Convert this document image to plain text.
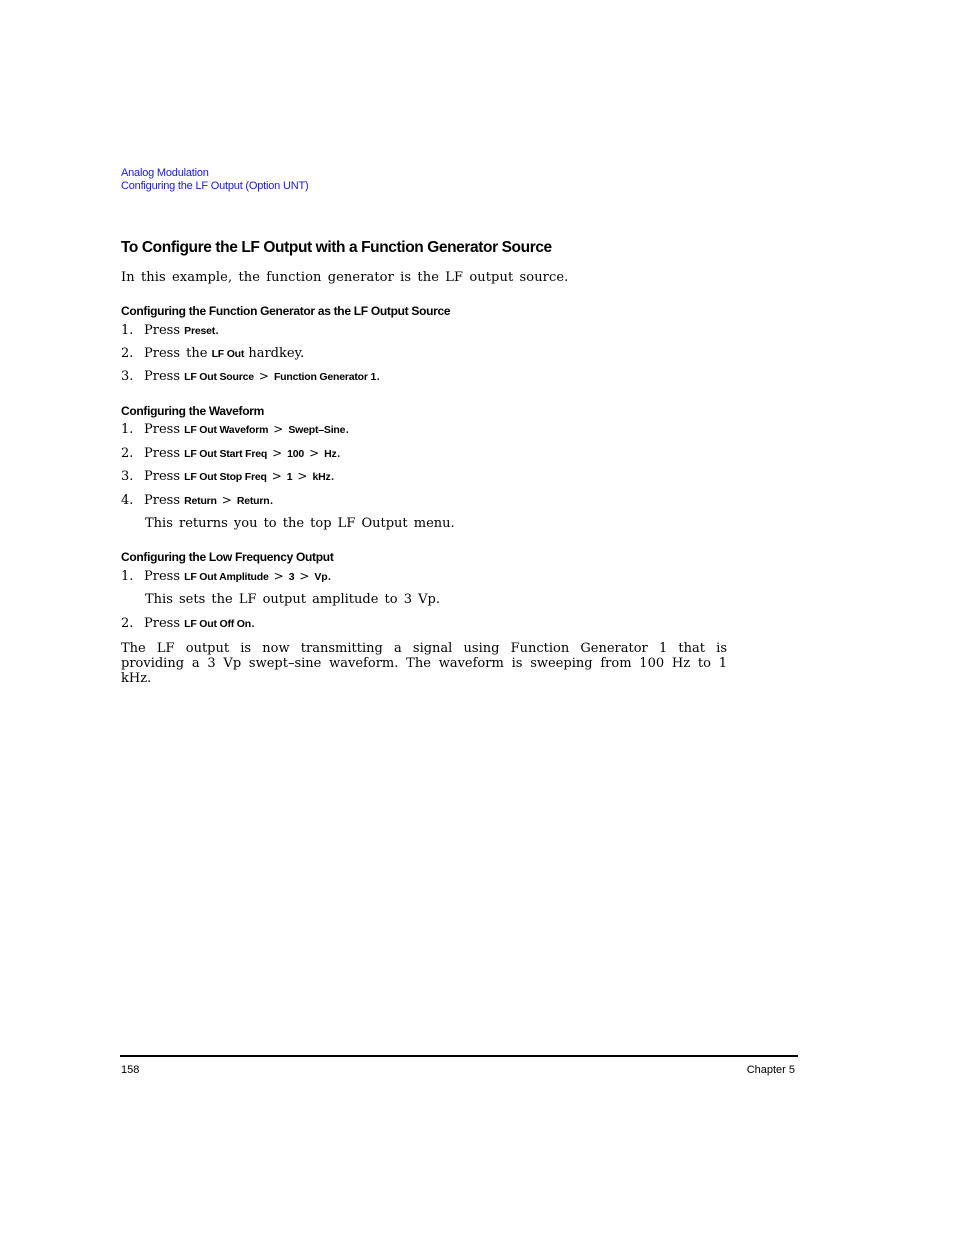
Analog Modulation
Configuring the LF Output (Option UNT)
To Configure the LF Output with a Function Generator Source
In this example, the function generator is the LF output source.
Configuring the Function Generator as the LF Output Source
1. Press Preset.
2. Press the LF Out hardkey.
3. Press LF Out Source > Function Generator 1.
Configuring the Waveform
1. Press LF Out Waveform > Swept–Sine.
2. Press LF Out Start Freq > 100 > Hz.
3. Press LF Out Stop Freq > 1 > kHz.
4. Press Return > Return.
This returns you to the top LF Output menu.
Configuring the Low Frequency Output
1. Press LF Out Amplitude > 3 > Vp.
This sets the LF output amplitude to 3 Vp.
2. Press LF Out Off On.
The LF output is now transmitting a signal using Function Generator 1 that is providing a 3 Vp swept–sine waveform. The waveform is sweeping from 100 Hz to 1 kHz.
158	Chapter 5
